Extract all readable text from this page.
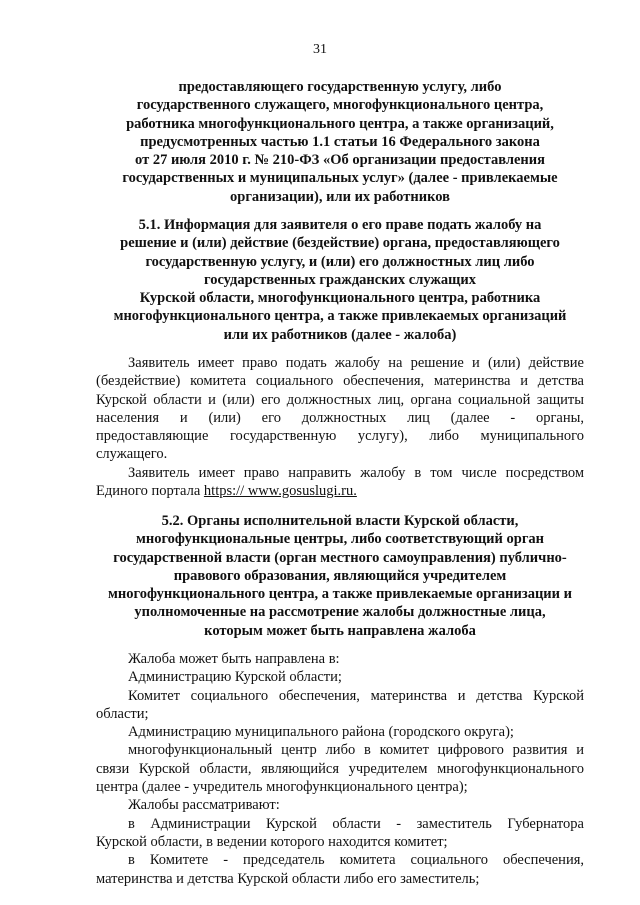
31
предоставляющего государственную услугу, либо
государственного служащего, многофункционального центра,
работника многофункционального центра, а также организаций,
предусмотренных частью 1.1 статьи 16 Федерального закона
от 27 июля 2010 г. № 210-ФЗ «Об организации предоставления
государственных и муниципальных услуг» (далее - привлекаемые
организации), или их работников
5.1. Информация для заявителя о его праве подать жалобу на
решение и (или) действие (бездействие) органа, предоставляющего
государственную услугу, и (или) его должностных лиц либо
государственных гражданских служащих
Курской области, многофункционального центра, работника
многофункционального центра, а также привлекаемых организаций
или их работников (далее - жалоба)
Заявитель имеет право подать жалобу на решение и (или) действие
(бездействие) комитета социального обеспечения, материнства и детства
Курской области и (или) его должностных лиц, органа социальной защиты
населения и (или) его должностных лиц (далее - органы,
предоставляющие государственную услугу), либо муниципального
служащего.
Заявитель имеет право направить жалобу в том числе посредством
Единого портала https:// www.gosuslugi.ru.
5.2. Органы исполнительной власти Курской области,
многофункциональные центры, либо соответствующий орган
государственной власти (орган местного самоуправления) публично-
правового образования, являющийся учредителем
многофункционального центра, а также привлекаемые организации и
уполномоченные на рассмотрение жалобы должностные лица,
которым может быть направлена жалоба
Жалоба может быть направлена в:
Администрацию Курской области;
Комитет социального обеспечения, материнства и детства Курской
области;
Администрацию муниципального района (городского округа);
многофункциональный центр либо в комитет цифрового развития и
связи Курской области, являющийся учредителем многофункционального
центра (далее - учредитель многофункционального центра);
Жалобы рассматривают:
в Администрации Курской области - заместитель Губернатора
Курской области, в ведении которого находится комитет;
в Комитете - председатель комитета социального обеспечения,
материнства и детства Курской области либо его заместитель;
